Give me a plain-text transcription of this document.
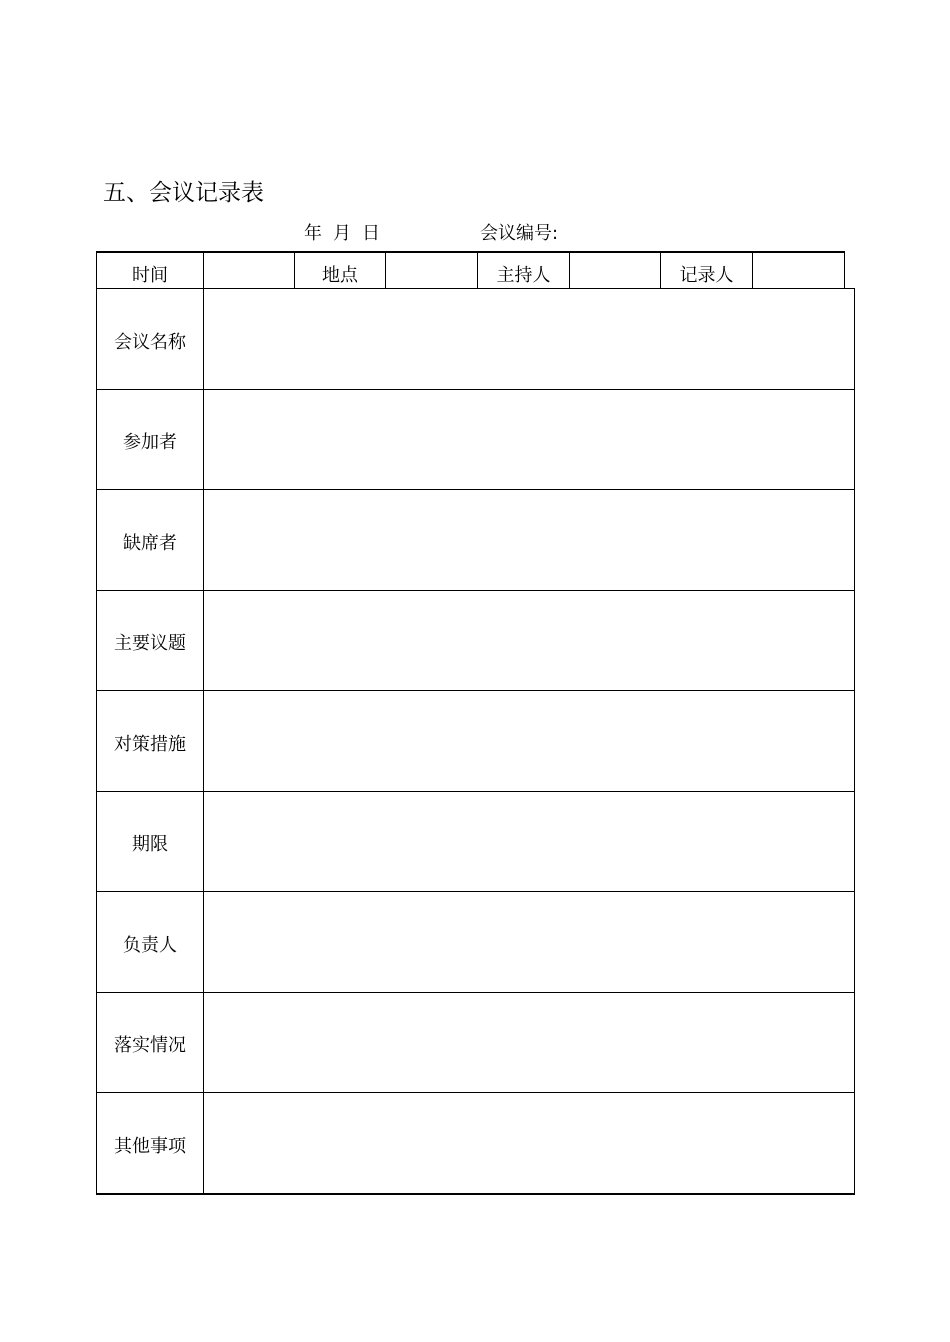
五、会议记录表
年 月 日	会议编号:
时间	地点	主持人	记录人
会议名称
参加者
缺席者
主要议题
对策措施
期限
负责人
落实情况
其他事项
